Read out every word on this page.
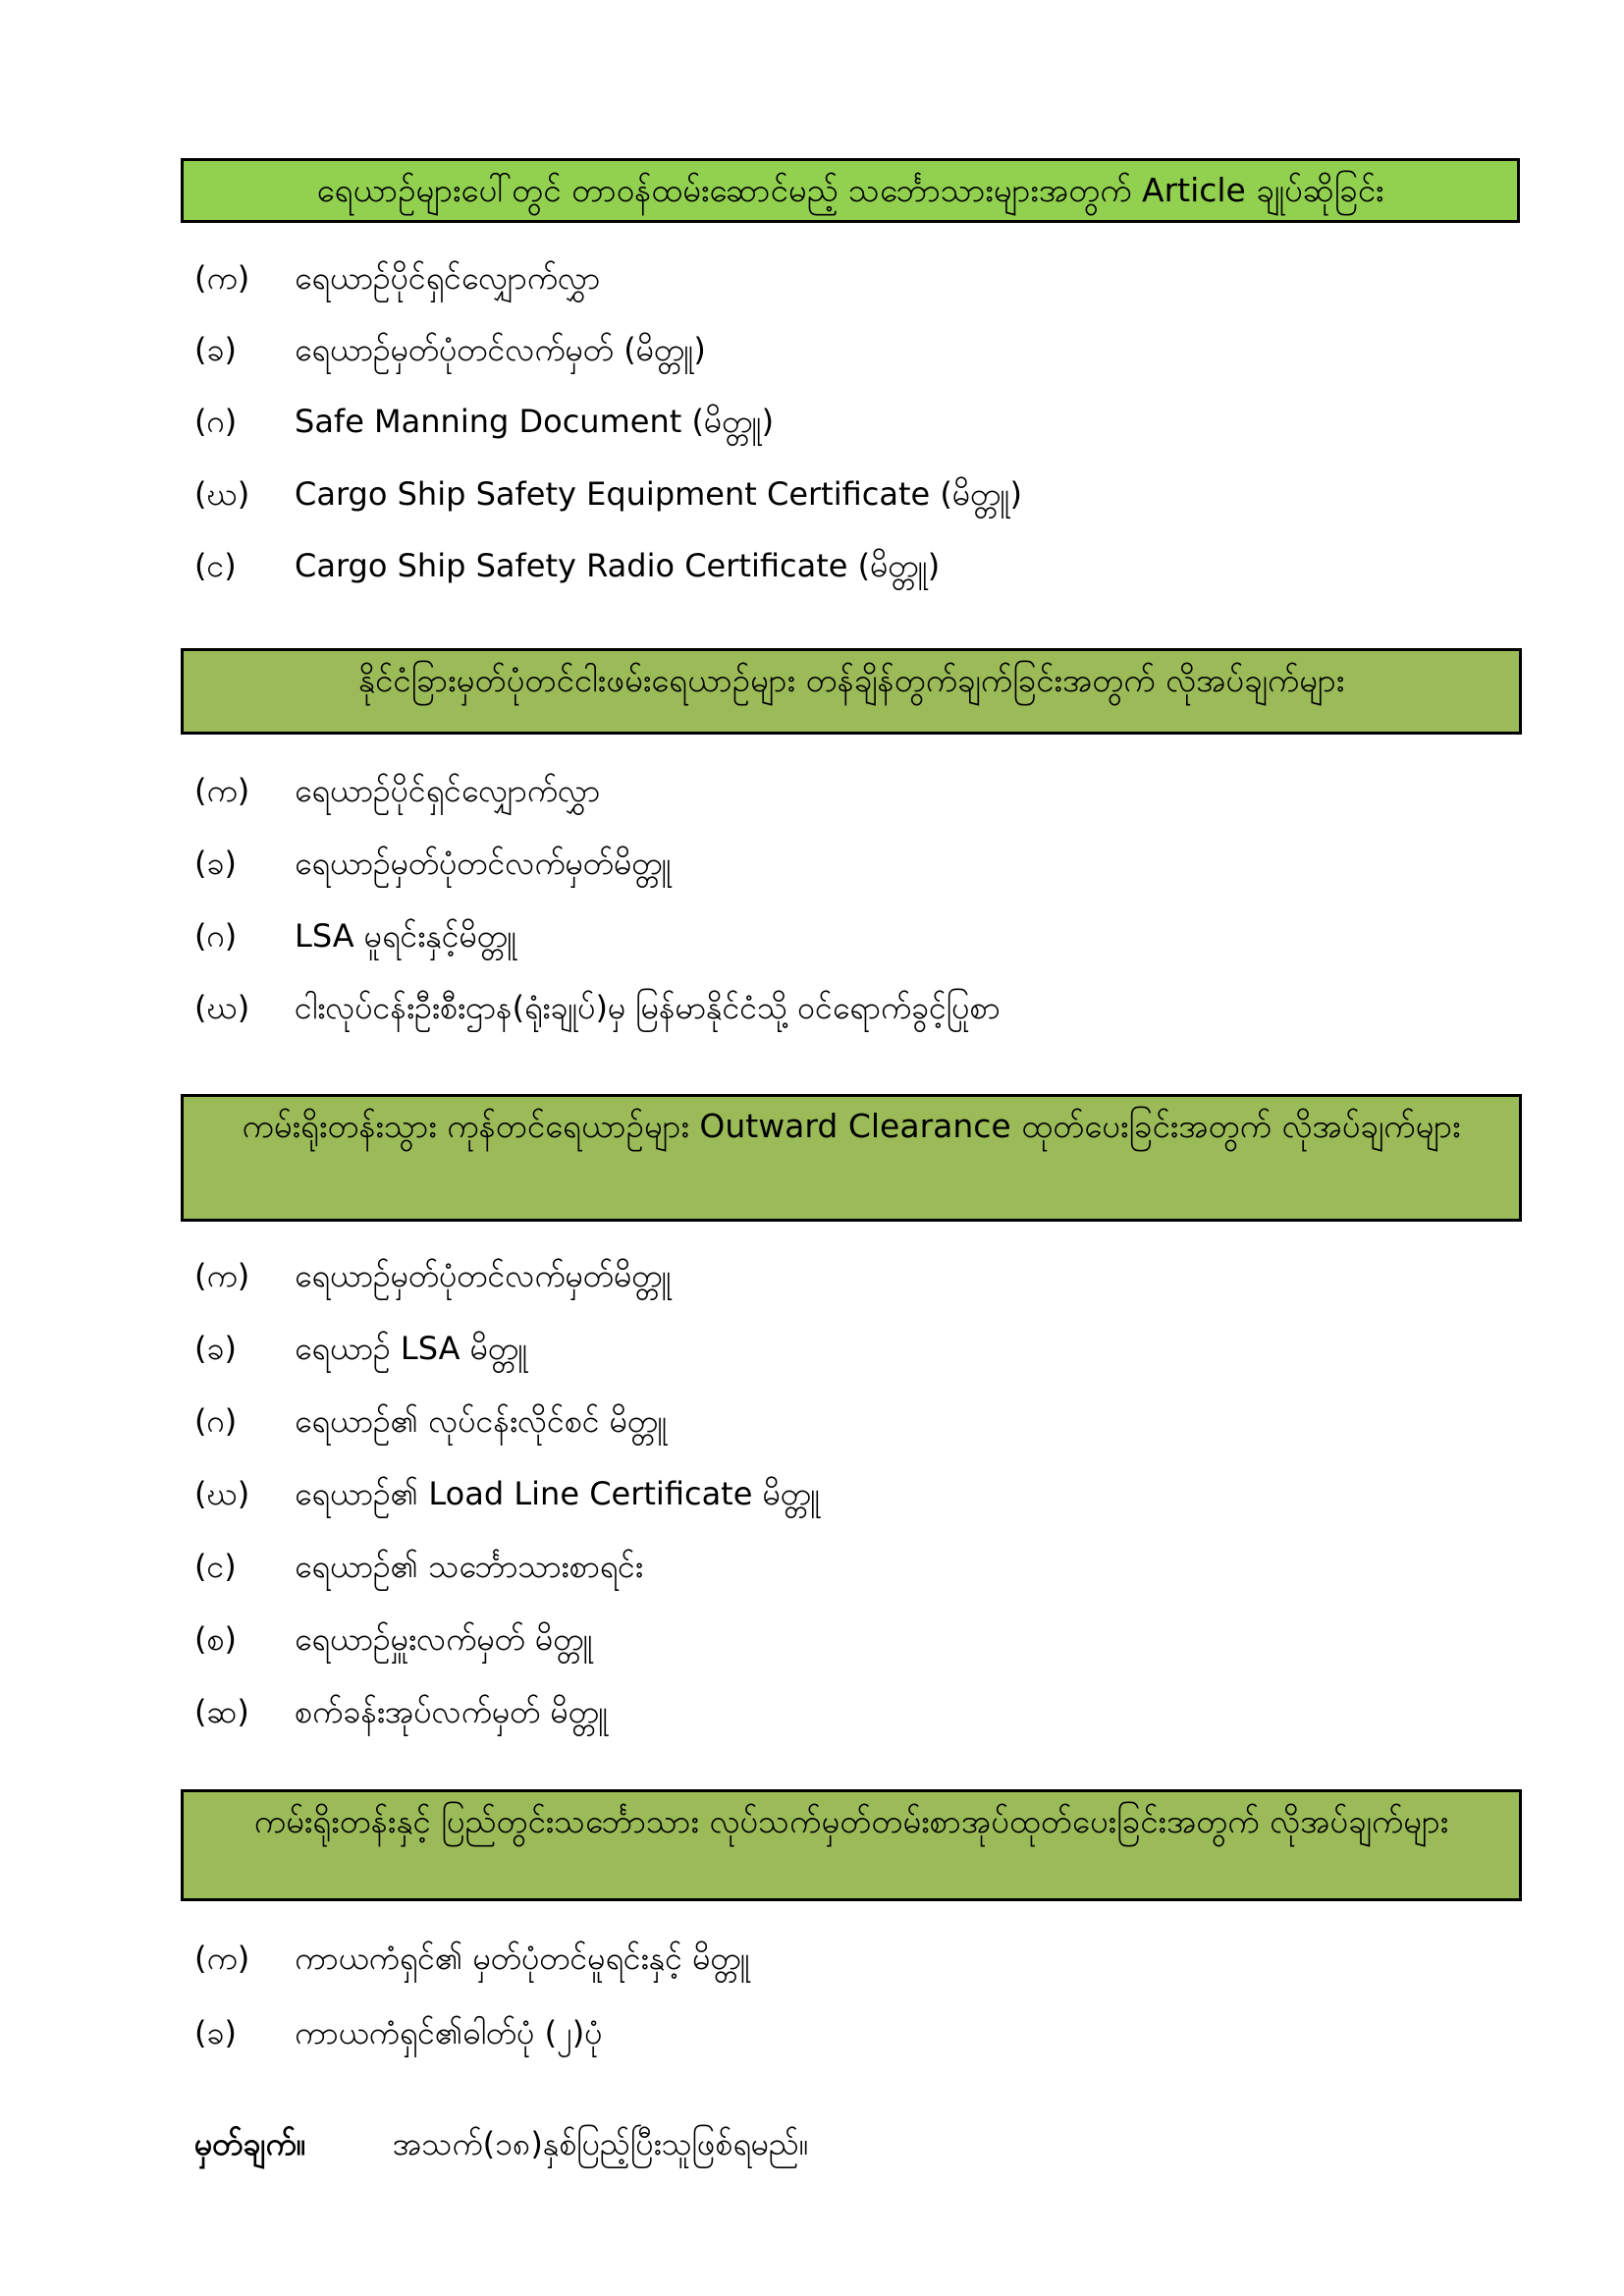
ရေယာဉ်များပေါ်တွင် တာဝန်ထမ်းဆောင်မည့် သင်္ဘောသားများအတွက် Article ချုပ်ဆိုခြင်း
(က)	ရေယာဉ်ပိုင်ရှင်လျှောက်လွှာ
(ခ)	ရေယာဉ်မှတ်ပုံတင်လက်မှတ် (မိတ္တူ)
(ဂ)	Safe Manning Document (မိတ္တူ)
(ဃ)	Cargo Ship Safety Equipment Certificate (မိတ္တူ)
(င)	Cargo Ship Safety Radio Certificate (မိတ္တူ)
နိုင်ငံခြားမှတ်ပုံတင်ငါးဖမ်းရေယာဉ်များ တန်ချိန်တွက်ချက်ခြင်းအတွက် လိုအပ်ချက်များ
(က)	ရေယာဉ်ပိုင်ရှင်လျှောက်လွှာ
(ခ)	ရေယာဉ်မှတ်ပုံတင်လက်မှတ်မိတ္တူ
(ဂ)	LSA မူရင်းနှင့်မိတ္တူ
(ဃ)	ငါးလုပ်ငန်းဦးစီးဌာန(ရုံးချုပ်)မှ မြန်မာနိုင်ငံသို့ ဝင်ရောက်ခွင့်ပြုစာ
ကမ်းရိုးတန်းသွား ကုန်တင်ရေယာဉ်များ Outward Clearance ထုတ်ပေးခြင်းအတွက် လိုအပ်ချက်များ
(က)	ရေယာဉ်မှတ်ပုံတင်လက်မှတ်မိတ္တူ
(ခ)	ရေယာဉ် LSA မိတ္တူ
(ဂ)	ရေယာဉ်၏ လုပ်ငန်းလိုင်စင် မိတ္တူ
(ဃ)	ရေယာဉ်၏ Load Line Certificate မိတ္တူ
(င)	ရေယာဉ်၏ သင်္ဘောသားစာရင်း
(စ)	ရေယာဉ်မှူးလက်မှတ် မိတ္တူ
(ဆ)	စက်ခန်းအုပ်လက်မှတ် မိတ္တူ
ကမ်းရိုးတန်းနှင့် ပြည်တွင်းသင်္ဘောသား လုပ်သက်မှတ်တမ်းစာအုပ်ထုတ်ပေးခြင်းအတွက် လိုအပ်ချက်များ
(က)	ကာယကံရှင်၏ မှတ်ပုံတင်မူရင်းနှင့် မိတ္တူ
(ခ)	ကာယကံရှင်၏ဓါတ်ပုံ (၂)ပုံ
မှတ်ချက်။	အသက်(၁၈)နှစ်ပြည့်ပြီးသူဖြစ်ရမည်။
